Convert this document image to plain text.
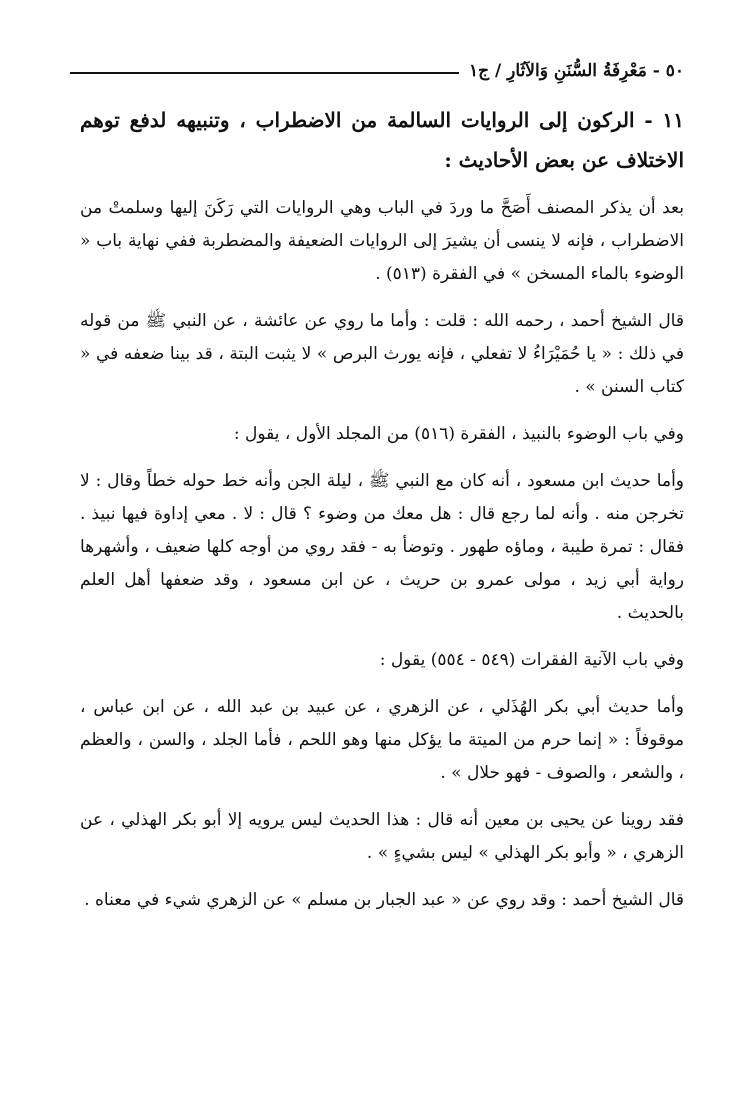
٥٠ - مَعْرِفَةُ السُّنَنِ وَالآثَارِ / ج١

١١ - الركون إلى الروايات السالمة من الاضطراب ، وتنبيهه لدفع توهم الاختلاف عن بعض الأحاديث :

بعد أن يذكر المصنف أَصَحَّ ما وردَ في الباب وهي الروايات التي رَكَنَ إليها وسلمتْ من الاضطراب ، فإنه لا ينسى أن يشيرَ إلى الروايات الضعيفة والمضطربة ففي نهاية باب « الوضوء بالماء المسخن » في الفقرة (٥١٣) .

قال الشيخ أحمد ، رحمه الله : قلت : وأما ما روي عن عائشة ، عن النبي ﷺ من قوله في ذلك : « يا حُمَيْرَاءُ لا تفعلي ، فإنه يورث البرص » لا يثبت البتة ، قد بينا ضعفه في « كتاب السنن » .

وفي باب الوضوء بالنبيذ ، الفقرة (٥١٦) من المجلد الأول ، يقول :

وأما حديث ابن مسعود ، أنه كان مع النبي ﷺ ، ليلة الجن وأنه خط حوله خطاً وقال : لا تخرجن منه . وأنه لما رجع قال : هل معك من وضوء ؟ قال : لا . معي إداوة فيها نبيذ . فقال : تمرة طيبة ، وماؤه طهور . وتوضأ به - فقد روي من أوجه كلها ضعيف ، وأشهرها رواية أبي زيد ، مولى عمرو بن حريث ، عن ابن مسعود ، وقد ضعفها أهل العلم بالحديث .

وفي باب الآنية الفقرات (٥٤٩ - ٥٥٤) يقول :

وأما حديث أبي بكر الهُذَلي ، عن الزهري ، عن عبيد بن عبد الله ، عن ابن عباس ، موقوفاً : « إنما حرم من الميتة ما يؤكل منها وهو اللحم ، فأما الجلد ، والسن ، والعظم ، والشعر ، والصوف - فهو حلال » .

فقد روينا عن يحيى بن معين أنه قال : هذا الحديث ليس يرويه إلا أبو بكر الهذلي ، عن الزهري ، « وأبو بكر الهذلي » ليس بشيءٍ » .

قال الشيخ أحمد : وقد روي عن « عبد الجبار بن مسلم » عن الزهري شيء في معناه .
